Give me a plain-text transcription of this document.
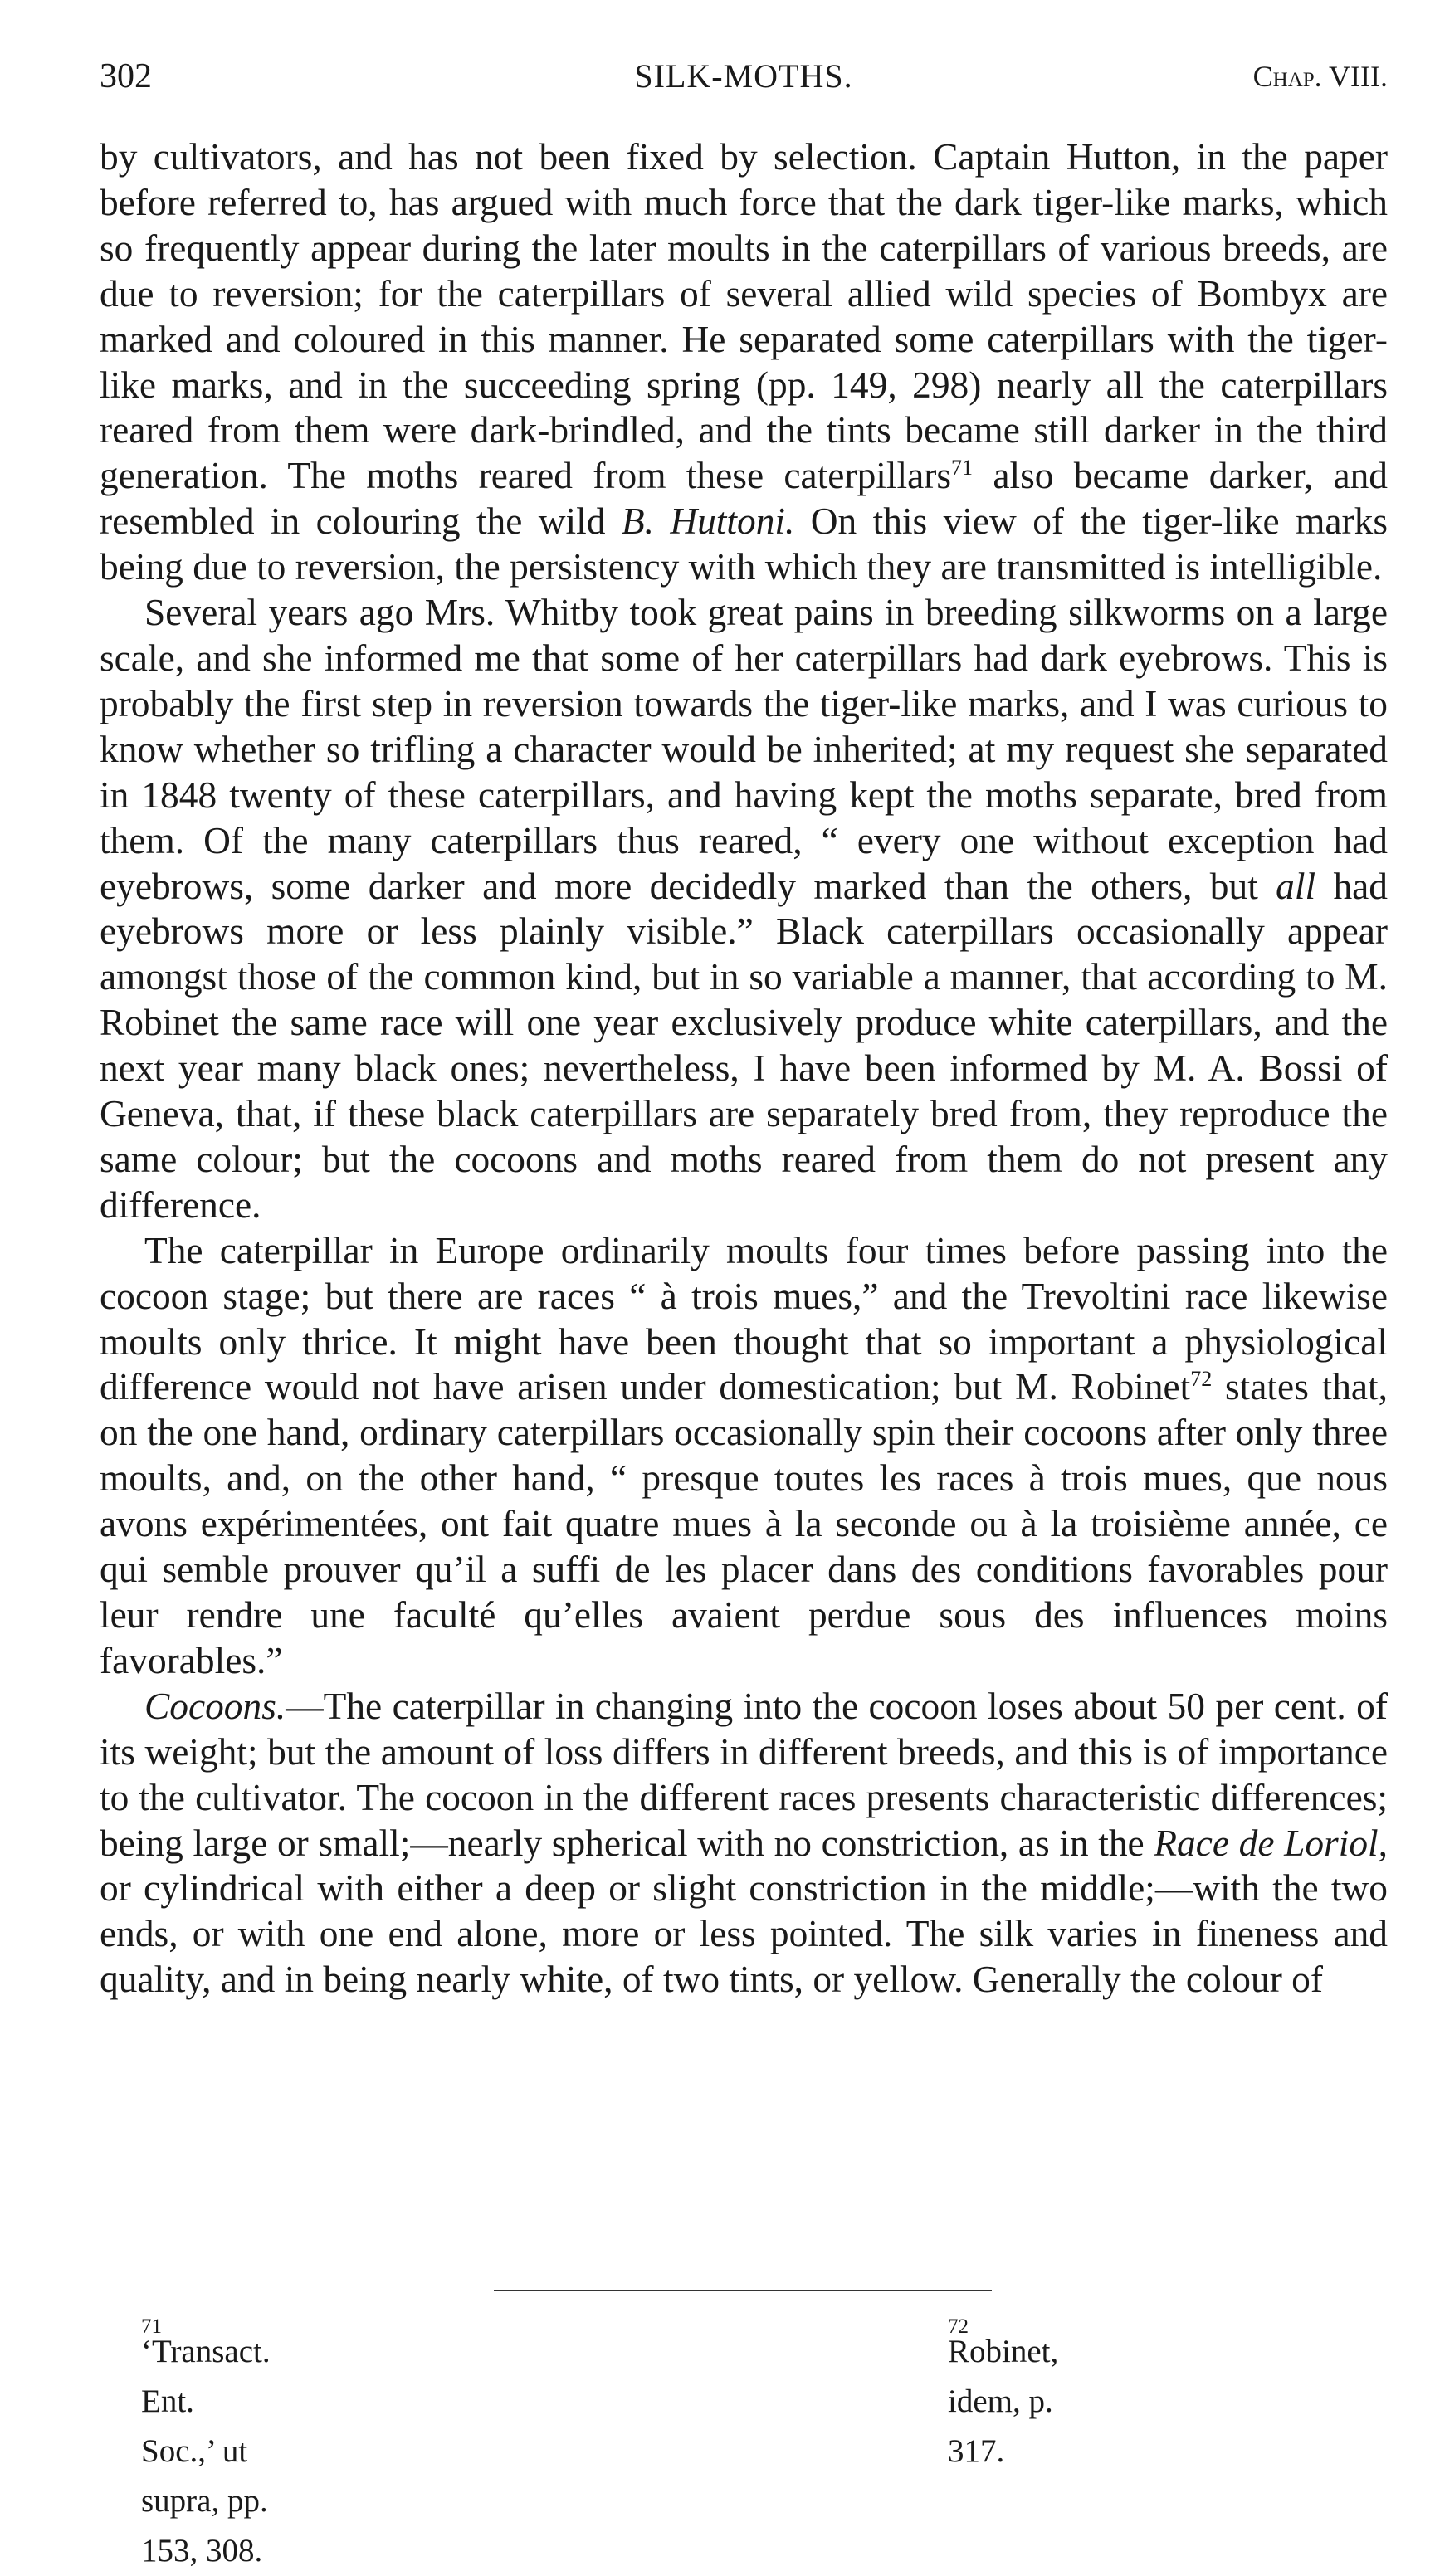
302	SILK-MOTHS.	Chap. VIII.

by cultivators, and has not been fixed by selection. Captain Hutton, in the paper before referred to, has argued with much force that the dark tiger-like marks, which so frequently appear during the later moults in the caterpillars of various breeds, are due to reversion; for the caterpillars of several allied wild species of Bombyx are marked and coloured in this manner. He separated some caterpillars with the tiger-like marks, and in the succeeding spring (pp. 149, 298) nearly all the caterpillars reared from them were dark-brindled, and the tints became still darker in the third generation. The moths reared from these caterpillars$^{71}$ also became darker, and resembled in colouring the wild B. Huttoni. On this view of the tiger-like marks being due to reversion, the persistency with which they are transmitted is intelligible.

Several years ago Mrs. Whitby took great pains in breeding silkworms on a large scale, and she informed me that some of her caterpillars had dark eyebrows. This is probably the first step in reversion towards the tiger-like marks, and I was curious to know whether so trifling a character would be inherited; at my request she separated in 1848 twenty of these caterpillars, and having kept the moths separate, bred from them. Of the many caterpillars thus reared, “ every one without exception had eyebrows, some darker and more decidedly marked than the others, but all had eyebrows more or less plainly visible.” Black caterpillars occasionally appear amongst those of the common kind, but in so variable a manner, that according to M. Robinet the same race will one year exclusively produce white caterpillars, and the next year many black ones; nevertheless, I have been informed by M. A. Bossi of Geneva, that, if these black caterpillars are separately bred from, they reproduce the same colour; but the cocoons and moths reared from them do not present any difference.

The caterpillar in Europe ordinarily moults four times before passing into the cocoon stage; but there are races “ à trois mues,” and the Trevoltini race likewise moults only thrice. It might have been thought that so important a physiological difference would not have arisen under domestication; but M. Robinet$^{72}$ states that, on the one hand, ordinary caterpillars occasionally spin their cocoons after only three moults, and, on the other hand, “ presque toutes les races à trois mues, que nous avons expérimentées, ont fait quatre mues à la seconde ou à la troisième année, ce qui semble prouver qu’il a suffi de les placer dans des conditions favorables pour leur rendre une faculté qu’elles avaient perdue sous des influences moins favorables.”

Cocoons.—The caterpillar in changing into the cocoon loses about 50 per cent. of its weight; but the amount of loss differs in different breeds, and this is of importance to the cultivator. The cocoon in the different races presents characteristic differences; being large or small;—nearly spherical with no constriction, as in the Race de Loriol, or cylindrical with either a deep or slight constriction in the middle;—with the two ends, or with one end alone, more or less pointed. The silk varies in fineness and quality, and in being nearly white, of two tints, or yellow. Generally the colour of

71
‘Transact. Ent. Soc.,’ ut supra, pp. 153, 308.
72
Robinet, idem, p. 317.
